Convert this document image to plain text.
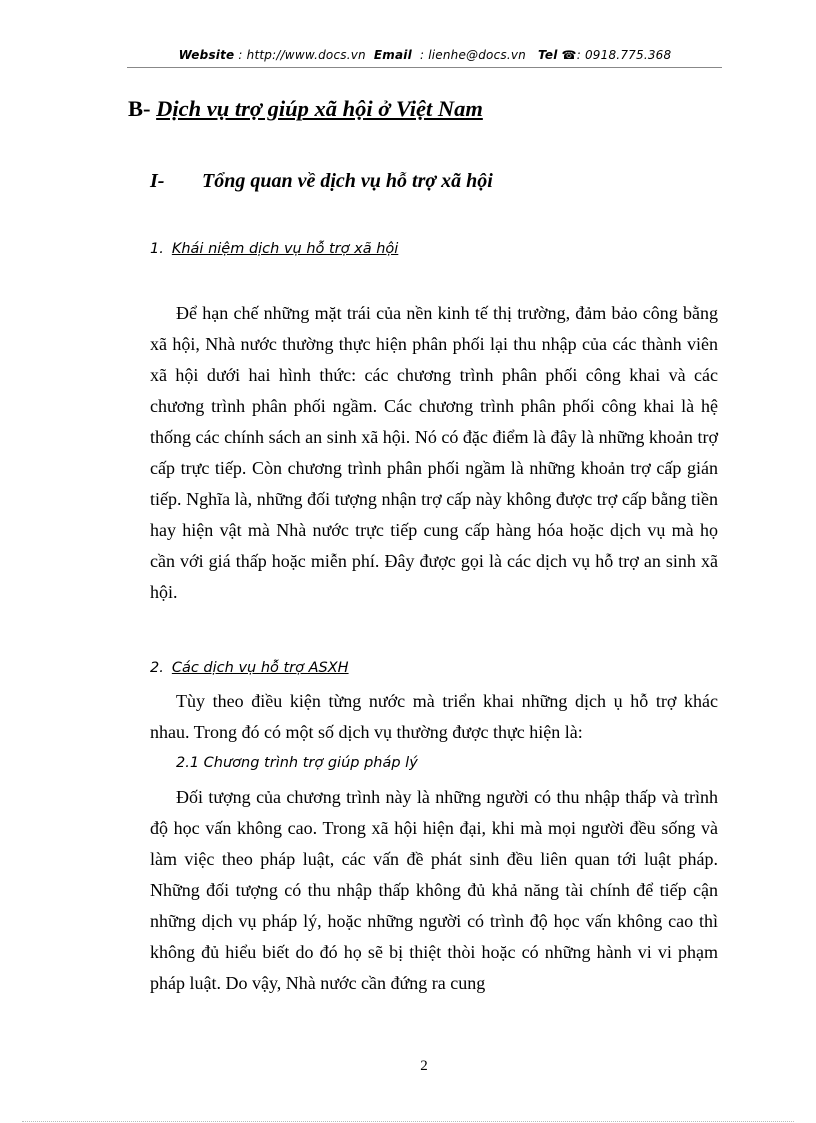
Website : http://www.docs.vn Email : lienhe@docs.vn Tel ☎: 0918.775.368
B- Dịch vụ trợ giúp xã hội ở Việt Nam
I- Tổng quan về dịch vụ hỗ trợ xã hội
1. Khái niệm dịch vụ hỗ trợ xã hội
Để hạn chế những mặt trái của nền kinh tế thị trường, đảm bảo công bằng xã hội, Nhà nước thường thực hiện phân phối lại thu nhập của các thành viên xã hội dưới hai hình thức: các chương trình phân phối công khai và các chương trình phân phối ngầm. Các chương trình phân phối công khai là hệ thống các chính sách an sinh xã hội. Nó có đặc điểm là đây là những khoản trợ cấp trực tiếp. Còn chương trình phân phối ngầm là những khoản trợ cấp gián tiếp. Nghĩa là, những đối tượng nhận trợ cấp này không được trợ cấp bằng tiền hay hiện vật mà Nhà nước trực tiếp cung cấp hàng hóa hoặc dịch vụ mà họ cần với giá thấp hoặc miễn phí. Đây được gọi là các dịch vụ hỗ trợ an sinh xã hội.
2. Các dịch vụ hỗ trợ ASXH
Tùy theo điều kiện từng nước mà triển khai những dịch ụ hỗ trợ khác nhau. Trong đó có một số dịch vụ thường được thực hiện là:
2.1 Chương trình trợ giúp pháp lý
Đối tượng của chương trình này là những người có thu nhập thấp và trình độ học vấn không cao. Trong xã hội hiện đại, khi mà mọi người đều sống và làm việc theo pháp luật, các vấn đề phát sinh đều liên quan tới luật pháp. Những đối tượng có thu nhập thấp không đủ khả năng tài chính để tiếp cận những dịch vụ pháp lý, hoặc những người có trình độ học vấn không cao thì không đủ hiểu biết do đó họ sẽ bị thiệt thòi hoặc có những hành vi vi phạm pháp luật. Do vậy, Nhà nước cần đứng ra cung
2
